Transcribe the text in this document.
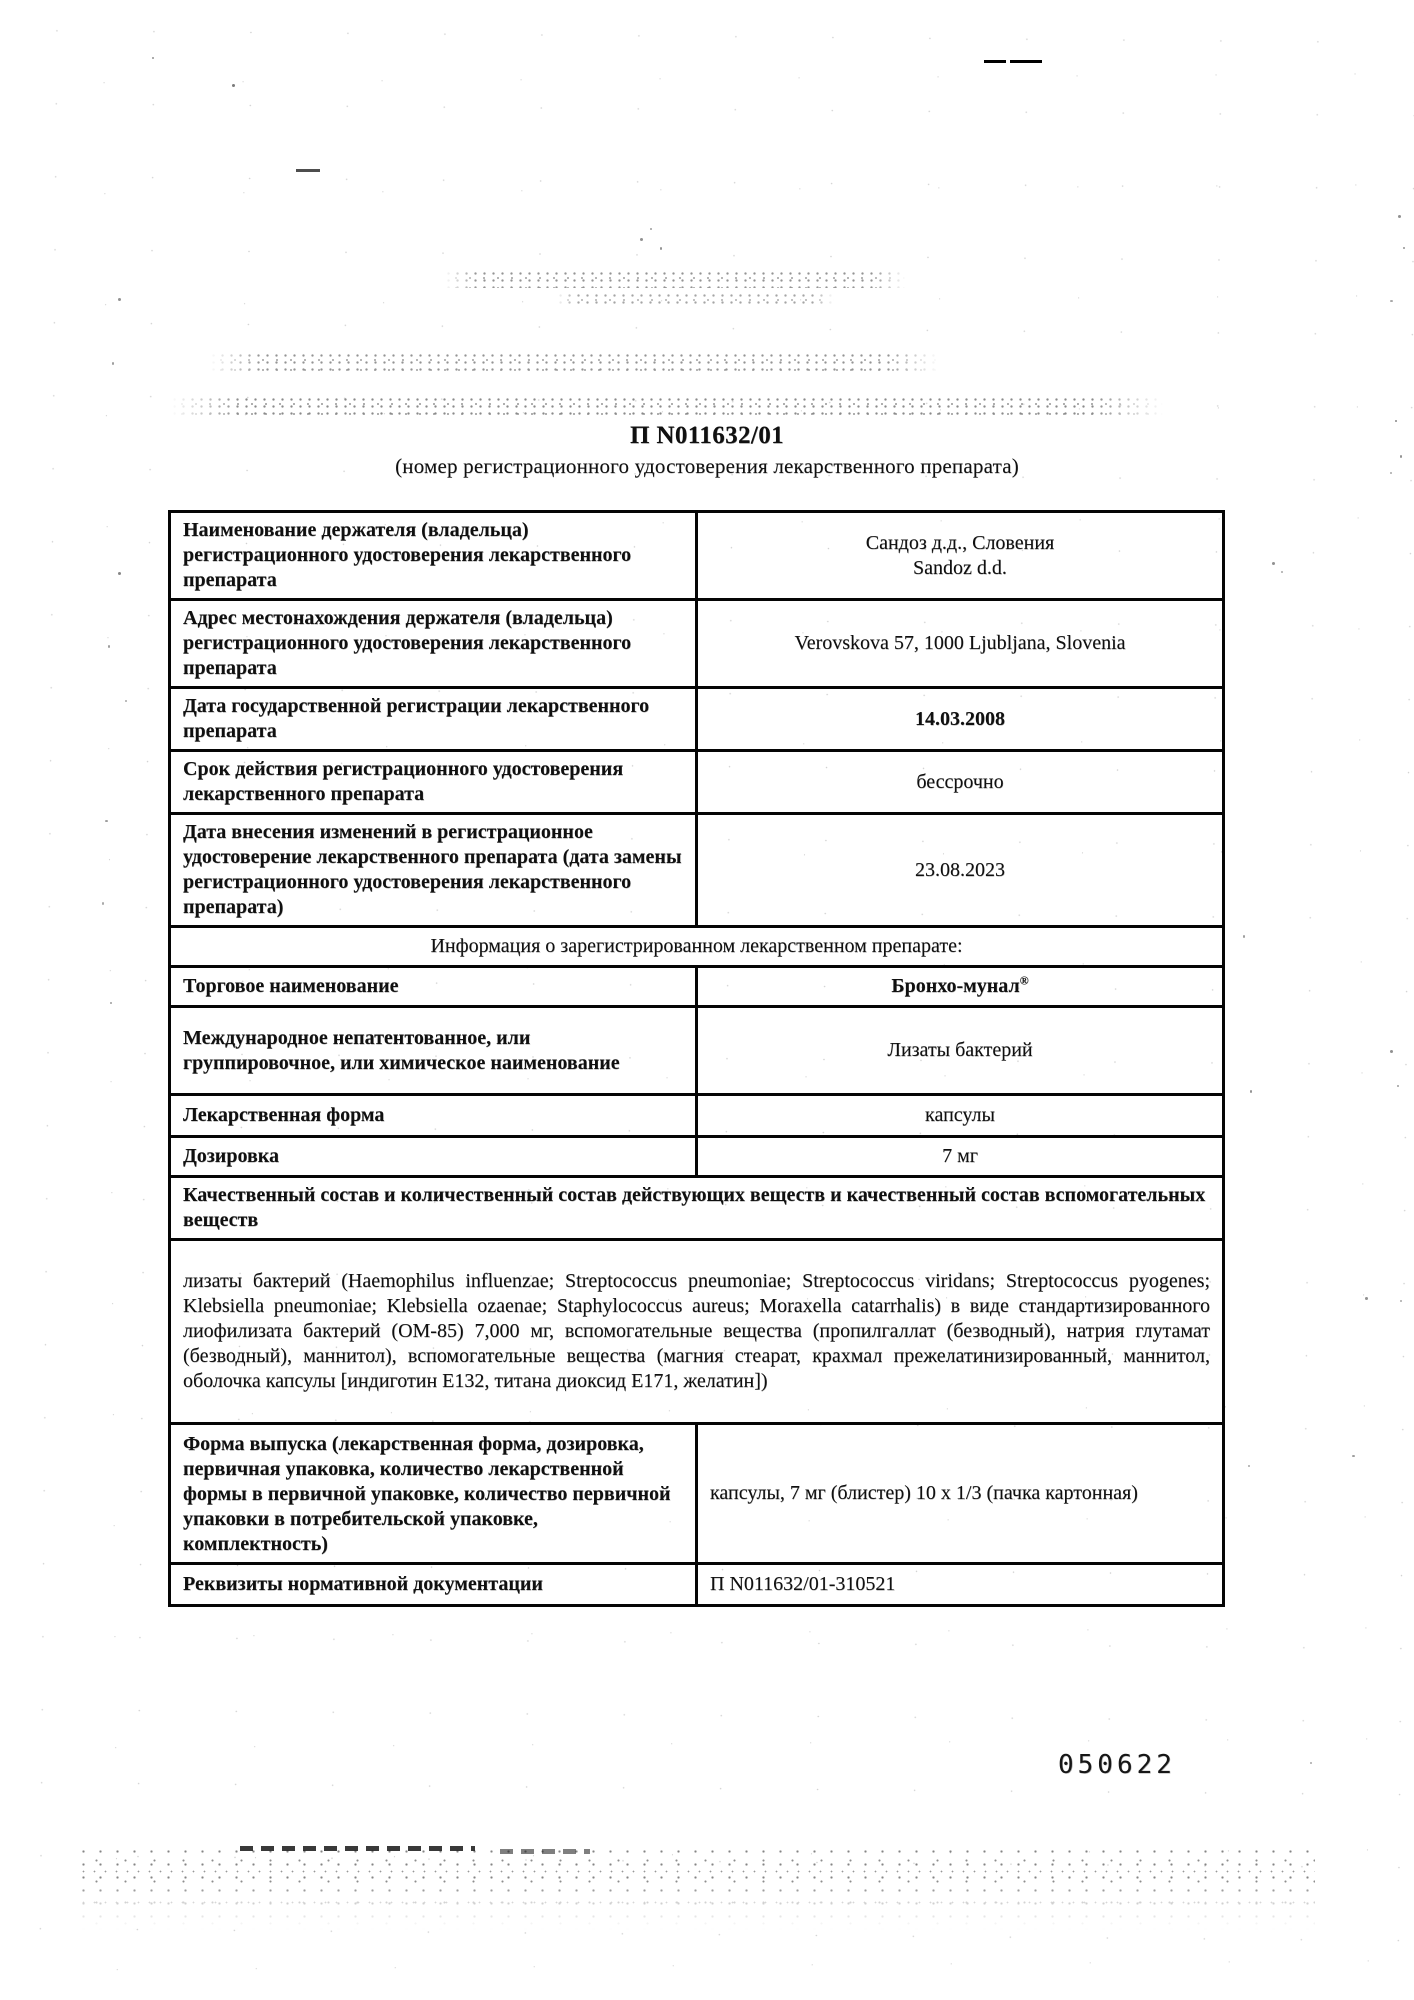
П N011632/01
(номер регистрационного удостоверения лекарственного препарата)
Наименование держателя (владельца) регистрационного удостоверения лекарственного препарата	Сандоз д.д., Словения
Sandoz d.d.

Адрес местонахождения держателя (владельца) регистрационного удостоверения лекарственного препарата	Verovskova 57, 1000 Ljubljana, Slovenia
Дата государственной регистрации лекарственного препарата	14.03.2008
Срок действия регистрационного удостоверения лекарственного препарата	бессрочно
Дата внесения изменений в регистрационное удостоверение лекарственного препарата (дата замены регистрационного удостоверения лекарственного препарата)	23.08.2023
Информация о зарегистрированном лекарственном препарате:	
Торговое наименование	Бронхо-мунал®
Международное непатентованное, или группировочное, или химическое наименование	Лизаты бактерий
Лекарственная форма	капсулы
Дозировка	7 мг
Качественный состав и количественный состав действующих веществ и качественный состав вспомогательных веществ	
лизаты бактерий (Haemophilus influenzae; Streptococcus pneumoniae; Streptococcus viridans; Streptococcus pyogenes; Klebsiella pneumoniae; Klebsiella ozaenae; Staphylococcus aureus; Moraxella catarrhalis) в виде стандартизированного лиофилизата бактерий (ОМ-85) 7,000 мг, вспомогательные вещества (пропилгаллат (безводный), натрия глутамат (безводный), маннитол), вспомогательные вещества (магния стеарат, крахмал прежелатинизированный, маннитол, оболочка капсулы [индиготин Е132, титана диоксид Е171, желатин])	
Форма выпуска (лекарственная форма, дозировка, первичная упаковка, количество лекарственной формы в первичной упаковке, количество первичной упаковки в потребительской упаковке, комплектность)	капсулы, 7 мг (блистер) 10 х 1/3 (пачка картонная)
Реквизиты нормативной документации	П N011632/01-310521
050622
